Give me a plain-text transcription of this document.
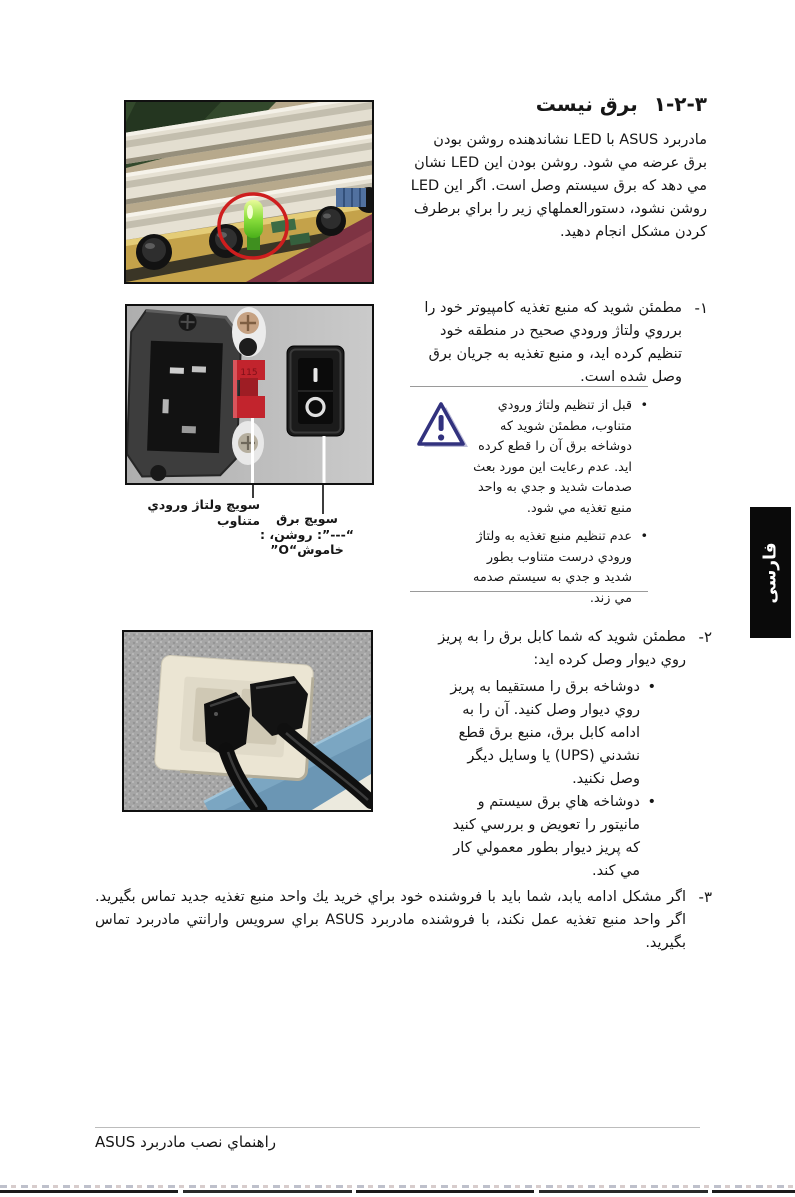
٣-٢-١
برق نيست
مادربرد ASUS با LED نشاندهنده روشن بودن برق عرضه مي شود. روشن بودن اين LED نشان مي دهد كه برق سيستم وصل است. اگر اين LED روشن نشود، دستورالعملهاي زير را براي برطرف كردن مشكل انجام دهيد.
١-
مطمئن شويد كه منبع تغذيه كامپيوتر خود را برروي ولتاژ ورودي صحيح در منطقه خود تنظيم كرده ايد، و منبع تغذيه به جريان برق وصل شده است.
•
قبل از تنظيم ولتاژ ورودي متناوب، مطمئن شويد كه دوشاخه برق آن را قطع كرده ايد. عدم رعايت اين مورد بعث صدمات شديد و جدي به واحد منبع تغذيه مي شود.
•
عدم تنظيم منبع تغذيه به ولتاژ ورودي درست متناوب بطور شديد و جدي به سيستم صدمه مي زند.	فارسى
115
سويچ ولتاژ ورودي متناوب	سويچ برق
“---”: روشن، : خاموش“O”
٢-
مطمئن شويد كه شما كابل برق را به پريز روي ديوار وصل كرده ايد:
•
دوشاخه برق را مستقيما به پريز روي ديوار وصل كنيد. آن را به ادامه كابل برق، منبع برق قطع نشدني (UPS) يا وسايل ديگر وصل نكنيد.
•
دوشاخه هاي برق سيستم و مانيتور را تعويض و بررسي كنيد كه پريز ديوار بطور معمولي كار مي كند.
٣-
اگر مشكل ادامه يابد، شما بايد با فروشنده خود براي خريد يك واحد منبع تغذيه جديد تماس بگيريد. اگر واحد منبع تغذيه عمل نكند، با فروشنده مادربرد ASUS براي سرويس وارانتي مادربرد تماس بگيريد.
راهنماي نصب مادربرد ASUS
